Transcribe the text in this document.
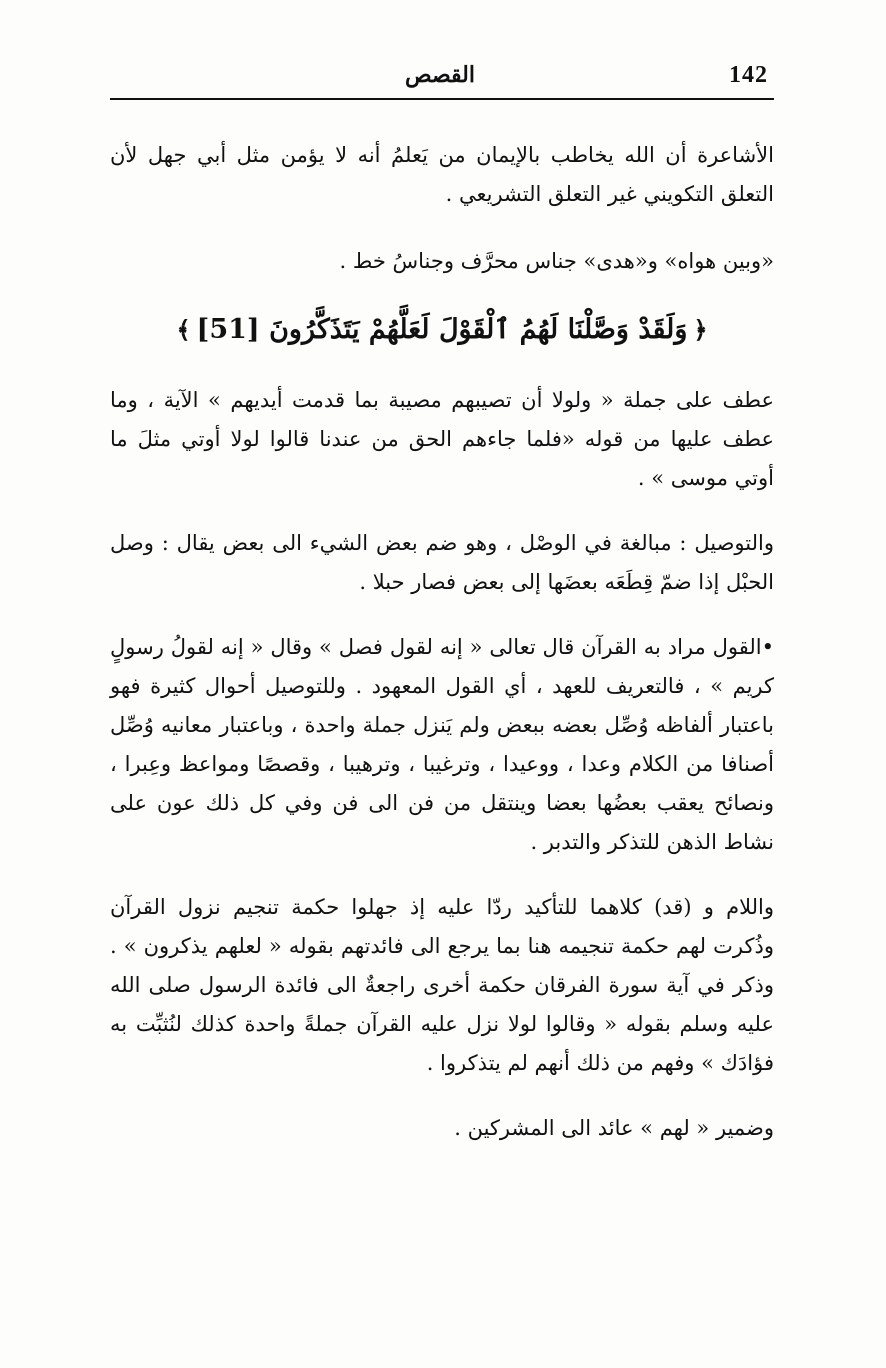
142
القصص

الأشاعرة أن الله يخاطب بالإيمان من يَعلمُ أنه لا يؤمن مثل أبي جهل لأن التعلق التكويني غير التعلق التشريعي .

«وبين هواه» و«هدى» جناس محرَّف وجناسُ خط .

﴿وَلَقَدْ وَصَّلْنَا لَهُمُ ٱلْقَوْلَ لَعَلَّهُمْ يَتَذَكَّرُونَ [51]﴾

عطف على جملة « ولولا أن تصيبهم مصيبة بما قدمت أيديهم » الآية ، وما عطف عليها من قوله «فلما جاءهم الحق من عندنا قالوا لولا أوتي مثلَ ما أوتي موسى » .

والتوصيل : مبالغة في الوصْل ، وهو ضم بعض الشيء الى بعض يقال : وصل الحبْل إذا ضمّ قِطَعَه بعضَها إلى بعض فصار حبلا .

•القول مراد به القرآن قال تعالى « إنه لقول فصل » وقال « إنه لقولُ رسولٍ كريم » ، فالتعريف للعهد ، أي القول المعهود . وللتوصيل أحوال كثيرة فهو باعتبار ألفاظه وُصِّل بعضه ببعض ولم يَنزل جملة واحدة ، وباعتبار معانيه وُصِّل أصنافا من الكلام وعدا ، ووعيدا ، وترغيبا ، وترهيبا ، وقصصًا ومواعظ وعِبرا ، ونصائح يعقب بعضُها بعضا وينتقل من فن الى فن وفي كل ذلك عون على نشاط الذهن للتذكر والتدبر .

واللام و (قد) كلاهما للتأكيد ردّا عليه إذ جهلوا حكمة تنجيم نزول القرآن وذُكرت لهم حكمة تنجيمه هنا بما يرجع الى فائدتهم بقوله « لعلهم يذكرون » . وذكر في آية سورة الفرقان حكمة أخرى راجعةٌ الى فائدة الرسول صلى الله عليه وسلم بقوله « وقالوا لولا نزل عليه القرآن جملةً واحدة كذلك لنُثبِّت به فؤادَك » وفهم من ذلك أنهم لم يتذكروا .

وضمير « لهم » عائد الى المشركين .
